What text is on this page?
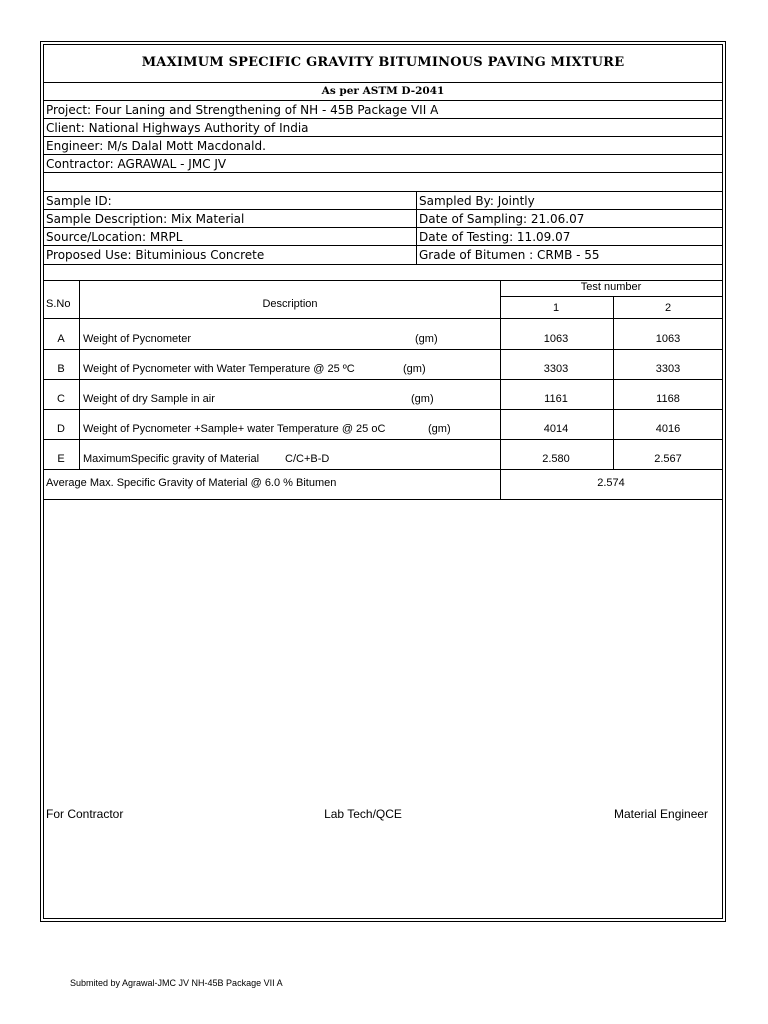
MAXIMUM SPECIFIC GRAVITY BITUMINOUS PAVING MIXTURE
As per ASTM D-2041
Project: Four Laning and Strengthening of NH - 45B Package VII A
Client: National Highways Authority of India
Engineer: M/s Dalal Mott Macdonald.
Contractor: AGRAWAL - JMC JV
Sample ID:	Sampled By: Jointly
Sample Description: Mix Material	Date of Sampling: 21.06.07
Source/Location: MRPL	Date of Testing: 11.09.07
Proposed Use: Bituminious Concrete	Grade of Bitumen : CRMB - 55
S.No	Description
Test number
1	2
A Weight of Pycnometer	(gm)	1063	1063
B Weight of Pycnometer with Water Temperature @ 25 ºC	(gm)	3303	3303
C Weight of dry Sample in air	(gm)	1161	1168
D Weight of Pycnometer +Sample+ water Temperature @ 25 oC	(gm)	4014	4016
E MaximumSpecific gravity of Material C/C+B-D	2.580	2.567
Average Max. Specific Gravity of Material @ 6.0 % Bitumen	2.574
For Contractor	Lab Tech/QCE	Material Engineer
Submited by Agrawal-JMC JV NH-45B Package VII A
